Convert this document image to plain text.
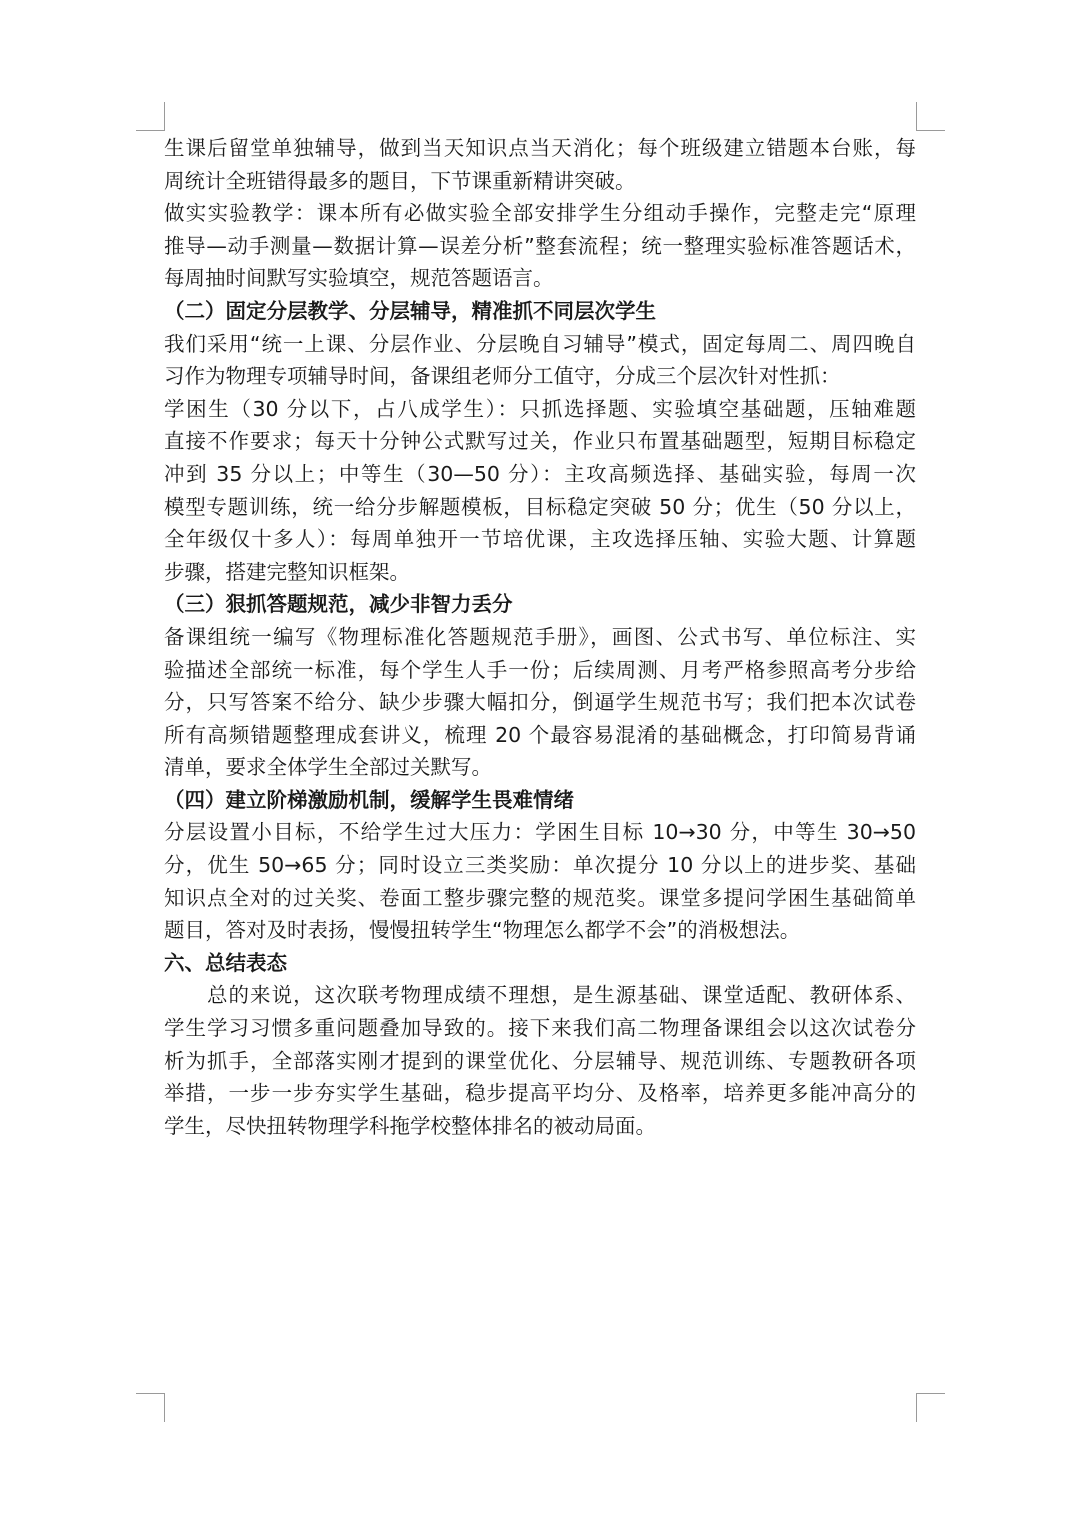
生课后留堂单独辅导，做到当天知识点当天消化；每个班级建立错题本台账，每
周统计全班错得最多的题目，下节课重新精讲突破。
做实实验教学：课本所有必做实验全部安排学生分组动手操作，完整走完“原理
推导—动手测量—数据计算—误差分析”整套流程；统一整理实验标准答题话术，
每周抽时间默写实验填空，规范答题语言。
（二）固定分层教学、分层辅导，精准抓不同层次学生
我们采用“统一上课、分层作业、分层晚自习辅导”模式，固定每周二、周四晚自
习作为物理专项辅导时间，备课组老师分工值守，分成三个层次针对性抓：
学困生（30 分以下，占八成学生）：只抓选择题、实验填空基础题，压轴难题
直接不作要求；每天十分钟公式默写过关，作业只布置基础题型，短期目标稳定
冲到 35 分以上；中等生（30—50 分）：主攻高频选择、基础实验，每周一次
模型专题训练，统一给分步解题模板，目标稳定突破 50 分；优生（50 分以上，
全年级仅十多人）：每周单独开一节培优课，主攻选择压轴、实验大题、计算题
步骤，搭建完整知识框架。
（三）狠抓答题规范，减少非智力丢分
备课组统一编写《物理标准化答题规范手册》，画图、公式书写、单位标注、实
验描述全部统一标准，每个学生人手一份；后续周测、月考严格参照高考分步给
分，只写答案不给分、缺少步骤大幅扣分，倒逼学生规范书写；我们把本次试卷
所有高频错题整理成套讲义，梳理 20 个最容易混淆的基础概念，打印简易背诵
清单，要求全体学生全部过关默写。
（四）建立阶梯激励机制，缓解学生畏难情绪
分层设置小目标，不给学生过大压力：学困生目标 10→30 分，中等生 30→50
分，优生 50→65 分；同时设立三类奖励：单次提分 10 分以上的进步奖、基础
知识点全对的过关奖、卷面工整步骤完整的规范奖。课堂多提问学困生基础简单
题目，答对及时表扬，慢慢扭转学生“物理怎么都学不会”的消极想法。
六、总结表态
　　总的来说，这次联考物理成绩不理想，是生源基础、课堂适配、教研体系、
学生学习习惯多重问题叠加导致的。接下来我们高二物理备课组会以这次试卷分
析为抓手，全部落实刚才提到的课堂优化、分层辅导、规范训练、专题教研各项
举措，一步一步夯实学生基础，稳步提高平均分、及格率，培养更多能冲高分的
学生，尽快扭转物理学科拖学校整体排名的被动局面。
